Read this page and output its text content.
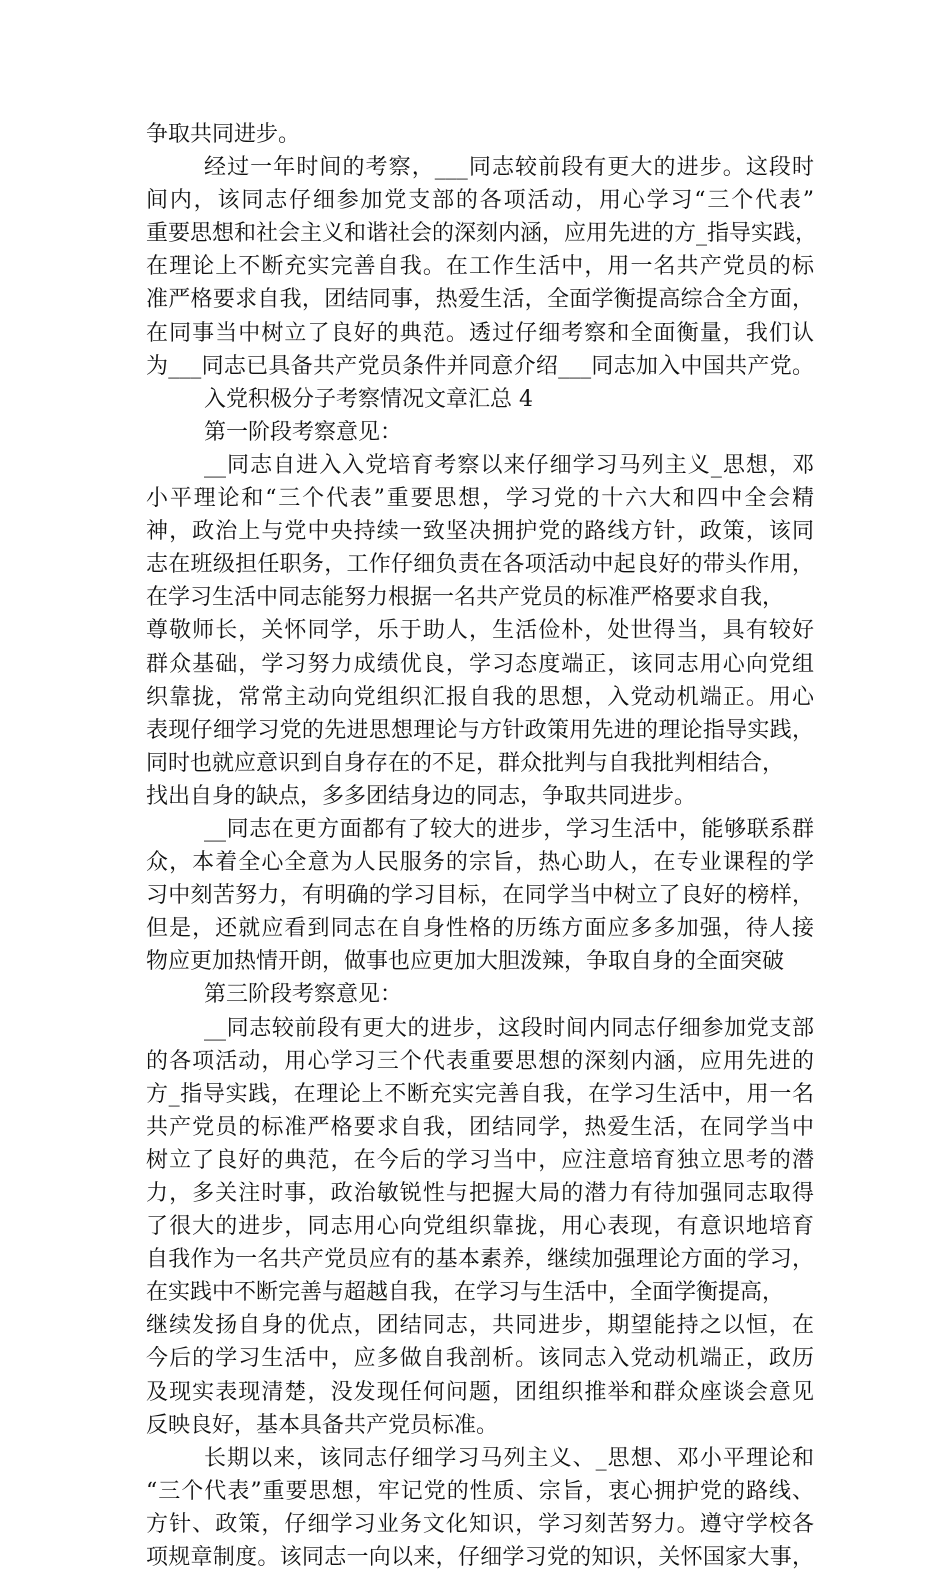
争取共同进步。
经过一年时间的考察，___同志较前段有更大的进步。这段时
间内，该同志仔细参加党支部的各项活动，用心学习“三个代表”
重要思想和社会主义和谐社会的深刻内涵，应用先进的方_指导实践，
在理论上不断充实完善自我。在工作生活中，用一名共产党员的标
准严格要求自我，团结同事，热爱生活，全面学衡提高综合全方面，
在同事当中树立了良好的典范。透过仔细考察和全面衡量，我们认
为___同志已具备共产党员条件并同意介绍___同志加入中国共产党。
入党积极分子考察情况文章汇总 4
第一阶段考察意见：
__同志自进入入党培育考察以来仔细学习马列主义_思想，邓
小平理论和“三个代表”重要思想，学习党的十六大和四中全会精
神，政治上与党中央持续一致坚决拥护党的路线方针，政策，该同
志在班级担任职务，工作仔细负责在各项活动中起良好的带头作用，
在学习生活中同志能努力根据一名共产党员的标准严格要求自我，
尊敬师长，关怀同学，乐于助人，生活俭朴，处世得当，具有较好
群众基础，学习努力成绩优良，学习态度端正，该同志用心向党组
织靠拢，常常主动向党组织汇报自我的思想，入党动机端正。用心
表现仔细学习党的先进思想理论与方针政策用先进的理论指导实践，
同时也就应意识到自身存在的不足，群众批判与自我批判相结合，
找出自身的缺点，多多团结身边的同志，争取共同进步。
__同志在更方面都有了较大的进步，学习生活中，能够联系群
众，本着全心全意为人民服务的宗旨，热心助人，在专业课程的学
习中刻苦努力，有明确的学习目标，在同学当中树立了良好的榜样，
但是，还就应看到同志在自身性格的历练方面应多多加强，待人接
物应更加热情开朗，做事也应更加大胆泼辣，争取自身的全面突破
第三阶段考察意见：
__同志较前段有更大的进步，这段时间内同志仔细参加党支部
的各项活动，用心学习三个代表重要思想的深刻内涵，应用先进的
方_指导实践，在理论上不断充实完善自我，在学习生活中，用一名
共产党员的标准严格要求自我，团结同学，热爱生活，在同学当中
树立了良好的典范，在今后的学习当中，应注意培育独立思考的潜
力，多关注时事，政治敏锐性与把握大局的潜力有待加强同志取得
了很大的进步，同志用心向党组织靠拢，用心表现，有意识地培育
自我作为一名共产党员应有的基本素养，继续加强理论方面的学习，
在实践中不断完善与超越自我，在学习与生活中，全面学衡提高，
继续发扬自身的优点，团结同志，共同进步，期望能持之以恒，在
今后的学习生活中，应多做自我剖析。该同志入党动机端正，政历
及现实表现清楚，没发现任何问题，团组织推举和群众座谈会意见
反映良好，基本具备共产党员标准。
长期以来，该同志仔细学习马列主义、_思想、邓小平理论和
“三个代表”重要思想，牢记党的性质、宗旨，衷心拥护党的路线、
方针、政策，仔细学习业务文化知识，学习刻苦努力。遵守学校各
项规章制度。该同志一向以来，仔细学习党的知识，关怀国家大事，
